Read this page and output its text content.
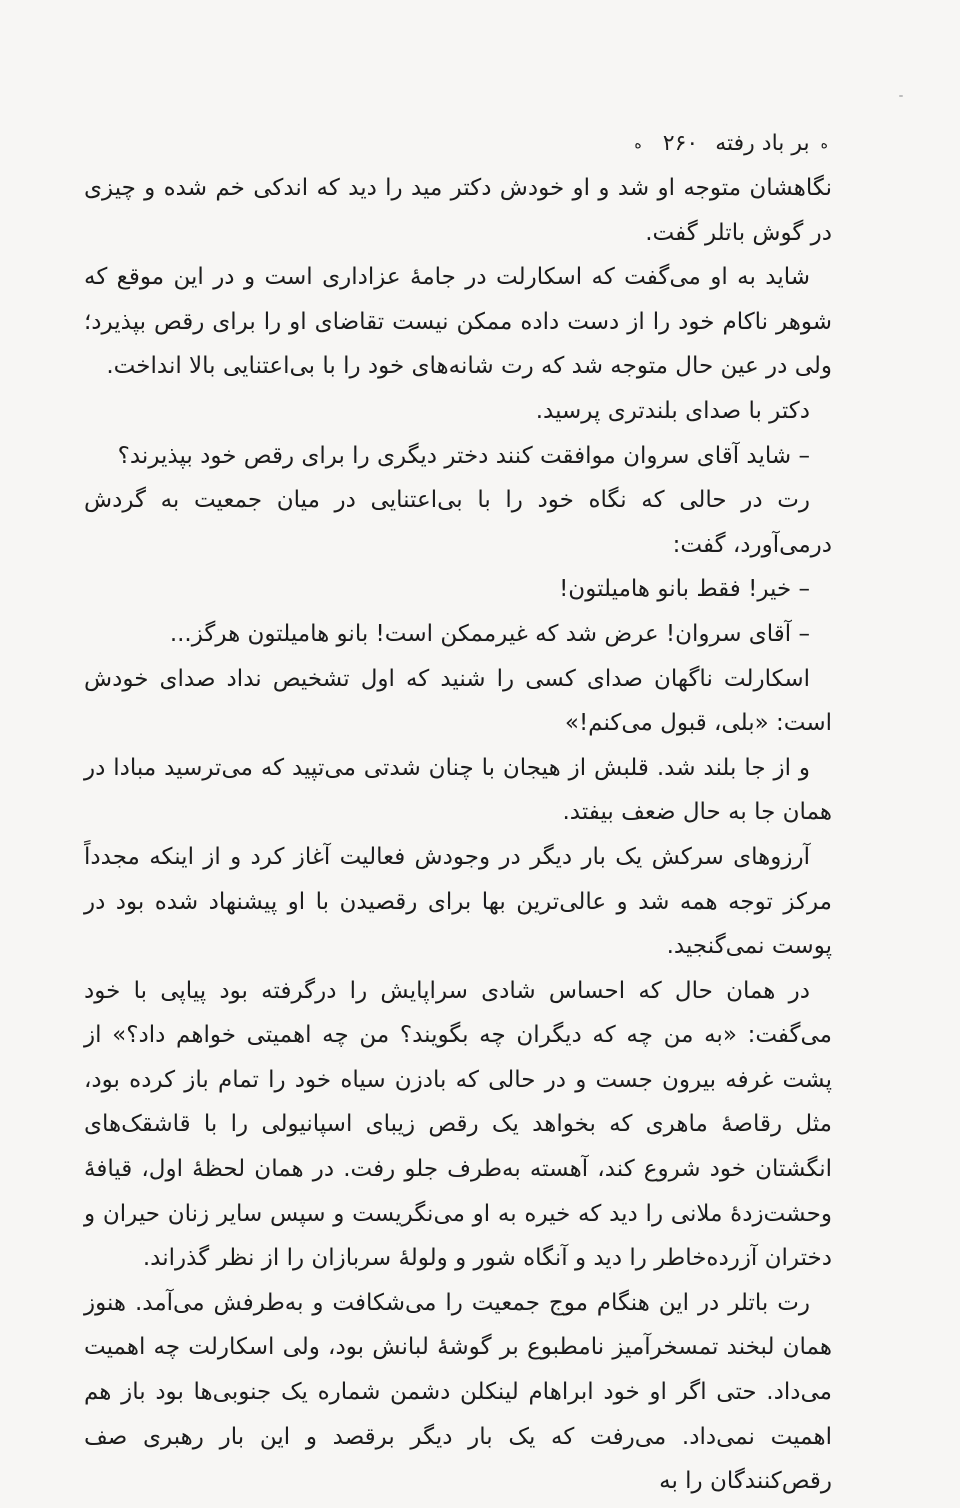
ه بر باد رفته ۲۶۰ ه

نگاهشان متوجه او شد و او خودش دکتر مید را دید که اندکی خم شده و چیزی در گوش باتلر گفت.

شاید به او می‌گفت که اسکارلت در جامهٔ عزاداری است و در این موقع که شوهر ناکام خود را از دست داده ممکن نیست تقاضای او را برای رقص بپذیرد؛ ولی در عین حال متوجه شد که رت شانه‌های خود را با بی‌اعتنایی بالا انداخت.

دکتر با صدای بلندتری پرسید.

– شاید آقای سروان موافقت کنند دختر دیگری را برای رقص خود بپذیرند؟

رت در حالی که نگاه خود را با بی‌اعتنایی در میان جمعیت به گردش درمی‌آورد، گفت:

– خیر! فقط بانو هامیلتون!

– آقای سروان! عرض شد که غیرممکن است! بانو هامیلتون هرگز...

اسکارلت ناگهان صدای کسی را شنید که اول تشخیص نداد صدای خودش است: «بلی، قبول می‌کنم!»

و از جا بلند شد. قلبش از هیجان با چنان شدتی می‌تپید که می‌ترسید مبادا در همان جا به حال ضعف بیفتد.

آرزوهای سرکش یک بار دیگر در وجودش فعالیت آغاز کرد و از اینکه مجدداً مرکز توجه همه شد و عالی‌ترین بها برای رقصیدن با او پیشنهاد شده بود در پوست نمی‌گنجید.

در همان حال که احساس شادی سراپایش را درگرفته بود پیاپی با خود می‌گفت: «به من چه که دیگران چه بگویند؟ من چه اهمیتی خواهم داد؟» از پشت غرفه بیرون جست و در حالی که بادزن سیاه خود را تمام باز کرده بود، مثل رقاصهٔ ماهری که بخواهد یک رقص زیبای اسپانیولی را با قاشقک‌های انگشتان خود شروع کند، آهسته به‌طرف جلو رفت. در همان لحظهٔ اول، قیافهٔ وحشت‌زدهٔ ملانی را دید که خیره به او می‌نگریست و سپس سایر زنان حیران و دختران آزرده‌خاطر را دید و آنگاه شور و ولولهٔ سربازان را از نظر گذراند.

رت باتلر در این هنگام موج جمعیت را می‌شکافت و به‌طرفش می‌آمد. هنوز همان لبخند تمسخرآمیز نامطبوع بر گوشهٔ لبانش بود، ولی اسکارلت چه اهمیت می‌داد. حتی اگر او خود ابراهام لینکلن دشمن شماره یک جنوبی‌ها بود باز هم اهمیت نمی‌داد. می‌رفت که یک بار دیگر برقصد و این بار رهبری صف رقص‌کنندگان را به
